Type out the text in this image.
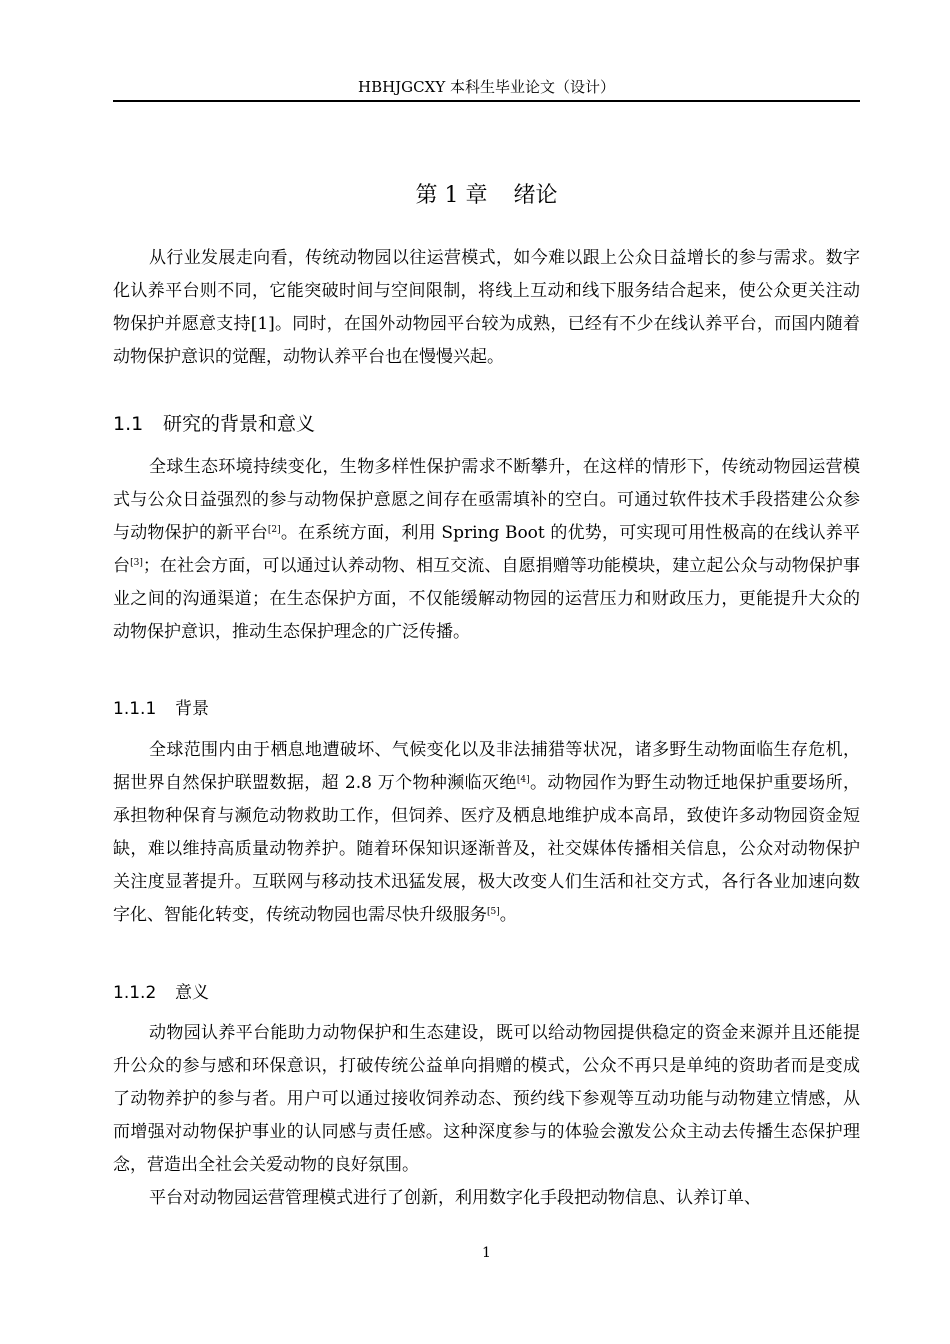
HBHJGCXY 本科生毕业论文（设计）
第 1 章 绪论

从行业发展走向看，传统动物园以往运营模式，如今难以跟上公众日益增长的参与需求。数字化认养平台则不同，它能突破时间与空间限制，将线上互动和线下服务结合起来，使公众更关注动物保护并愿意支持[1]。同时，在国外动物园平台较为成熟，已经有不少在线认养平台，而国内随着动物保护意识的觉醒，动物认养平台也在慢慢兴起。

1.1 研究的背景和意义

全球生态环境持续变化，生物多样性保护需求不断攀升，在这样的情形下，传统动物园运营模式与公众日益强烈的参与动物保护意愿之间存在亟需填补的空白。可通过软件技术手段搭建公众参与动物保护的新平台[2]。在系统方面，利用 Spring Boot 的优势，可实现可用性极高的在线认养平台[3]；在社会方面，可以通过认养动物、相互交流、自愿捐赠等功能模块，建立起公众与动物保护事业之间的沟通渠道；在生态保护方面，不仅能缓解动物园的运营压力和财政压力，更能提升大众的动物保护意识，推动生态保护理念的广泛传播。

1.1.1 背景

全球范围内由于栖息地遭破坏、气候变化以及非法捕猎等状况，诸多野生动物面临生存危机，据世界自然保护联盟数据，超 2.8 万个物种濒临灭绝[4]。动物园作为野生动物迁地保护重要场所，承担物种保育与濒危动物救助工作，但饲养、医疗及栖息地维护成本高昂，致使许多动物园资金短缺，难以维持高质量动物养护。随着环保知识逐渐普及，社交媒体传播相关信息，公众对动物保护关注度显著提升。互联网与移动技术迅猛发展，极大改变人们生活和社交方式，各行各业加速向数字化、智能化转变，传统动物园也需尽快升级服务[5]。

1.1.2 意义

动物园认养平台能助力动物保护和生态建设，既可以给动物园提供稳定的资金来源并且还能提升公众的参与感和环保意识，打破传统公益单向捐赠的模式，公众不再只是单纯的资助者而是变成了动物养护的参与者。用户可以通过接收饲养动态、预约线下参观等互动功能与动物建立情感，从而增强对动物保护事业的认同感与责任感。这种深度参与的体验会激发公众主动去传播生态保护理念，营造出全社会关爱动物的良好氛围。

平台对动物园运营管理模式进行了创新，利用数字化手段把动物信息、认养订单、

1
